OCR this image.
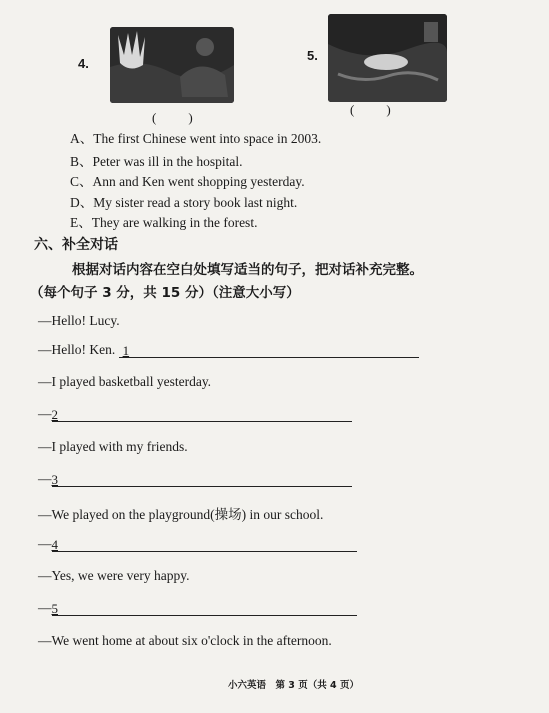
4.
(　　)
5.
(　　)
A、The first Chinese went into space in 2003.
B、Peter was ill in the hospital.
C、Ann and Ken went shopping yesterday.
D、My sister read a story book last night.
E、They are walking in the forest.
六、补全对话
根据对话内容在空白处填写适当的句子，把对话补充完整。
（每个句子 3 分，共 15 分）（注意大小写）
—Hello! Lucy.
—Hello! Ken. 1
—I played basketball yesterday.
—2
—I played with my friends.
—3
—We played on the playground(操场) in our school.
—4
—Yes, we were very happy.
—5
—We went home at about six o'clock in the afternoon.
小六英语　第 3 页（共 4 页）
